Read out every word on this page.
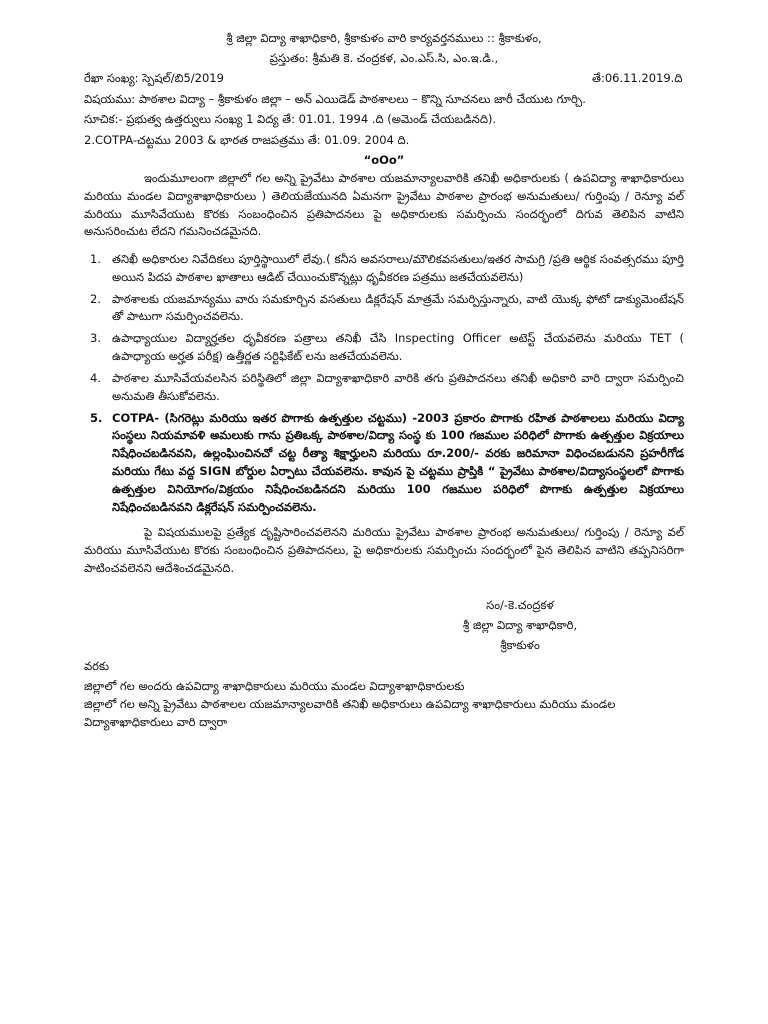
శ్రీ జిల్లా విద్యా శాఖాధికారి, శ్రీకాకుళం వారి కార్యవర్తనములు :: శ్రీకాకుళం,
ప్రస్తుతం: శ్రీమతి కె. చంద్రకళ, ఎం.ఎస్.సి, ఎం.ఇ.డి.,
రేఖా సంఖ్య: స్పెషల్/బి5/2019	తే:06.11.2019.ది
విషయము: పాఠశాల విద్యా – శ్రీకాకుళం జిల్లా – అన్ ఎయిడెడ్ పాఠశాలలు – కొన్ని సూచనలు జారీ చేయుట గూర్చి.
సూచిక:- ప్రభుత్వ ఉత్తర్వులు సంఖ్య 1 విద్య తే: 01.01. 1994 .ది (అమెండ్ చేయబడినది).
2.COTPA-చట్టము 2003 & భారత రాజపత్రము తే: 01.09. 2004 ది.
“oOo”
ఇందుమూలంగా జిల్లాలో గల అన్ని ప్రైవేటు పాఠశాల యజమాన్యాలవారికి తనిఖీ అధికారులకు ( ఉపవిద్యా శాఖాధికారులు మరియు మండల విద్యాశాఖాధికారులు ) తెలియజేయునది ఏమనగా ప్రైవేటు పాఠశాల ప్రారంభ అనుమతులు/ గుర్తింపు / రెన్యూ వల్ మరియు మూసివేయుట కొరకు సంబంధించిన ప్రతిపాదనలు పై అధికారులకు సమర్పించు సందర్భంలో దిగువ తెలిపిన వాటిని అనుసరించుట లేదని గమనించడమైనది.
1. తనిఖీ అధికారుల నివేదికలు పూర్తిస్థాయిలో లేవు.( కనీస అవసరాలు/మౌలికవసతులు/ఇతర సామగ్రి /ప్రతి ఆర్థిక సంవత్సరము పూర్తి అయిన పిదప పాఠశాల ఖాతాలు ఆడిట్ చేయించుకొన్నట్లు ధృవీకరణ పత్రము జతచేయవలెను)
2. పాఠశాలకు యజమాన్యము వారు సమకూర్చిన వసతులు డిక్లరేషన్ మాత్రమే సమర్పిస్తున్నారు, వాటి యొక్క ఫోటో డాక్యుమెంటేషన్ తో పాటుగా సమర్పించవలెను.
3. ఉపాధ్యాయుల విద్యార్హతల ధృవీకరణ పత్రాలు తనిఖీ చేసి Inspecting Officer అటెస్ట్ చేయవలెను మరియు TET ( ఉపాధ్యాయ అర్హత పరీక్ష) ఉత్తీర్ణత సర్టిఫికేట్ లను జతచేయవలెను.
4. పాఠశాల మూసివేయవలసిన పరిస్థితిలో జిల్లా విద్యాశాఖాధికారి వారికి తగు ప్రతిపాదనలు తనిఖీ అధికారి వారి ద్వారా సమర్పించి అనుమతి తీసుకోవలెను.
5. COTPA- (సిగరెట్లు మరియు ఇతర పొగాకు ఉత్పత్తుల చట్టము) -2003 ప్రకారం పొగాకు రహిత పాఠశాలలు మరియు విద్యా సంస్థలు నియమావళి అమలుకు గాను ప్రతిఒక్క పాఠశాల/విద్యా సంస్థ కు 100 గజముల పరిధిలో పొగాకు ఉత్పత్తుల విక్రయాలు నిషేధించబడినవని, ఉల్లంఘించినచో చట్ట రీత్యా శిక్షార్హులని మరియు రూ.200/- వరకు జరిమానా విధించబడునని ప్రహరీగోడ మరియు గేటు వద్ద SIGN బోర్డుల ఏర్పాటు చేయవలెను. కావున పై చట్టము ప్రాప్తికి “ ప్రైవేటు పాఠశాల/విద్యాసంస్థలలో పొగాకు ఉత్పత్తుల వినియోగం/విక్రయం నిషేధించబడినదని మరియు 100 గజముల పరిధిలో పొగాకు ఉత్పత్తుల విక్రయాలు నిషేధించబడినవని డిక్లరేషన్ సమర్పించవలెను.
పై విషయములపై ప్రత్యేక దృష్టిసారించవలెనని మరియు ప్రైవేటు పాఠశాల ప్రారంభ అనుమతులు/ గుర్తింపు / రెన్యూ వల్ మరియు మూసివేయుట కొరకు సంబంధించిన ప్రతిపాదనలు, పై అధికారులకు సమర్పించు సందర్భంలో పైన తెలిపిన వాటిని తప్పనిసరిగా పాటించవలెనని ఆదేశించడమైనది.
సం/-కె.చంద్రకళ
శ్రీ జిల్లా విద్యా శాఖాధికారి,
శ్రీకాకుళం
వరకు
జిల్లాలో గల అందరు ఉపవిద్యా శాఖాధికారులు మరియు మండల విద్యాశాఖాధికారులకు
జిల్లాలో గల అన్ని ప్రైవేటు పాఠశాలల యజమాన్యాలవారికి తనిఖీ అధికారులు ఉపవిద్యా శాఖాధికారులు మరియు మండల విద్యాశాఖాధికారులు వారి ద్వారా
